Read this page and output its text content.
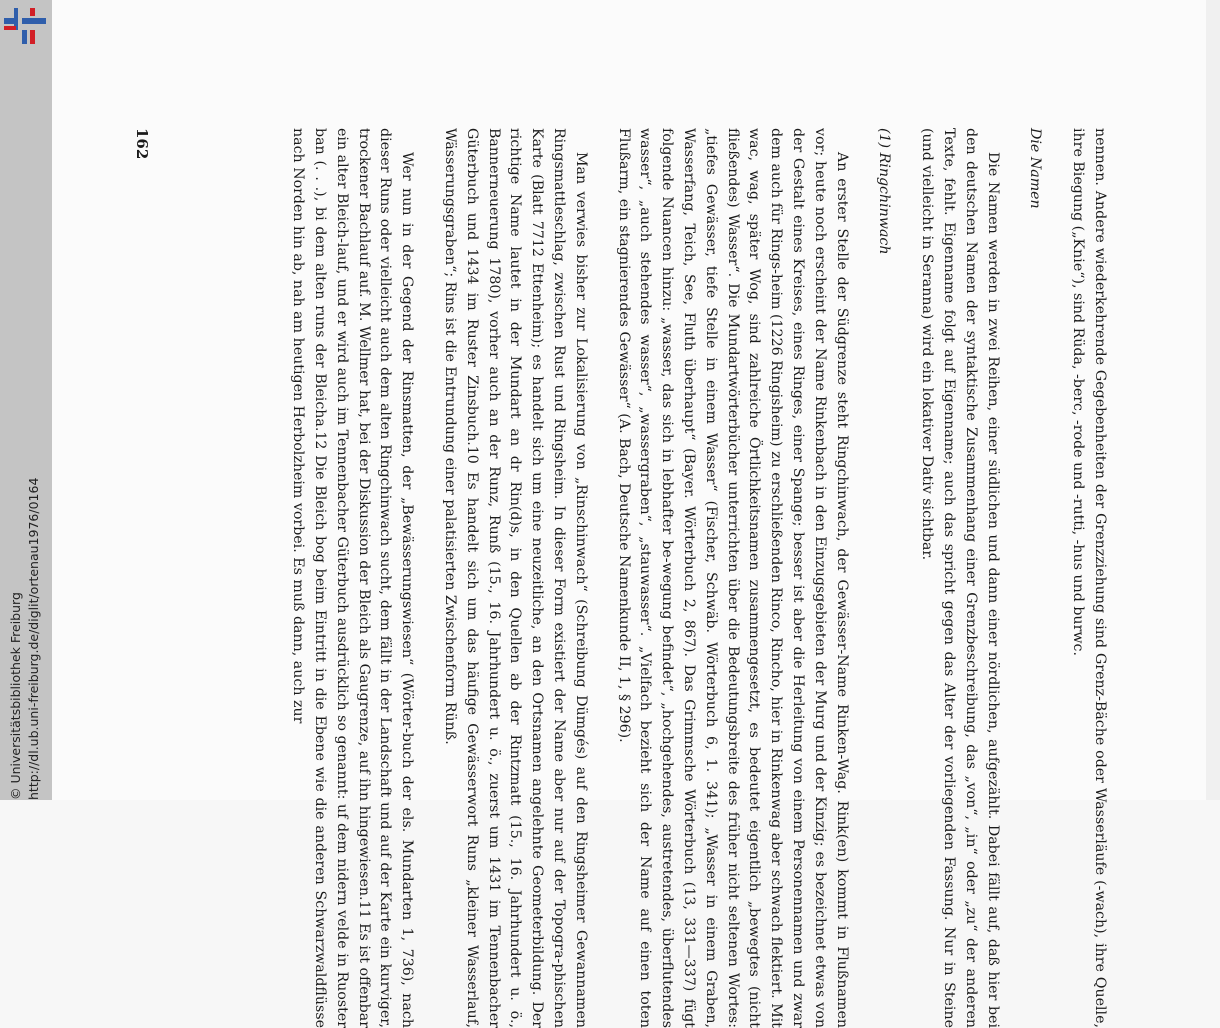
http://dl.ub.uni-freiburg.de/diglit/ortenau1976/0164
© Universitätsbibliothek Freiburg	nennen. Andere wiederkehrende Gegebenheiten der Grenzziehung sind Grenz-Bäche oder Wasserläufe (-wach), ihre Quelle, ihre Biegung („Knie“), sind Rüda, -berc, -rode und -rutti, -hus und burwc.

Die Namen

Die Namen werden in zwei Reihen, einer südlichen und dann einer nördlichen, aufgezählt. Dabei fällt auf, daß hier bei den deutschen Namen der syntaktische Zusammenhang einer Grenzbeschreibung, das „von“, „in“ oder „zu“ der anderen Texte, fehlt. Eigenname folgt auf Eigenname; auch das spricht gegen das Alter der vorliegenden Fassung. Nur in Steine (und vielleicht in Seranna) wird ein lokativer Dativ sichtbar.

(1) Ringchinwach

An erster Stelle der Südgrenze steht Ringchinwach, der Gewässer-Name Rinken-Wag. Rink(en) kommt in Flußnamen vor; heute noch erscheint der Name Rinkenbach in den Einzugsgebieten der Murg und der Kinzig; es bezeichnet etwas von der Gestalt eines Kreises, eines Ringes, einer Spange; besser ist aber die Herleitung von einem Personennamen und zwar dem auch für Rings-heim (1226 Ringisheim) zu erschließenden Rinco, Rincho, hier in Rinkenwag aber schwach flektiert. Mit wac, wag, später Wog, sind zahlreiche Örtlichkeitsnamen zusammengesetzt, es bedeutet eigentlich „bewegtes (nicht fließendes) Wasser“. Die Mundartwörterbücher unterrichten über die Bedeutungsbreite des früher nicht seltenen Wortes: „tiefes Gewässer, tiefe Stelle in einem Wasser“ (Fischer, Schwäb. Wörterbuch 6, 1. 341); „Wasser in einem Graben, Wasserfang, Teich, See, Fluth überhaupt“ (Bayer. Wörterbuch 2, 867). Das Grimmsche Wörterbuch (13, 331—337) fügt folgende Nuancen hinzu: „wasser, das sich in lebhafter be-wegung befindet“, „hochgehendes, austretendes, überflutendes wasser“, „auch stehendes wasser“, „wassergraben“, „stauwasser“. „Vielfach bezieht sich der Name auf einen toten Flußarm, ein stagnierendes Gewässer“ (A. Bach, Deutsche Namenkunde II, 1, § 296).

Man verwies bisher zur Lokalisierung von „Rinschinwach“ (Schreibung Dümgés) auf den Ringsheimer Gewannamen Ringsmattleschlag, zwischen Rust und Ringsheim. In dieser Form existiert der Name aber nur auf der Topogra-phischen Karte (Blatt 7712 Ettenheim); es handelt sich um eine neuzeitliche, an den Ortsnamen angelehnte Geometerbildung. Der richtige Name lautet in der Mundart an dr Rin(d)s, in den Quellen ab der Rintzmatt (15., 16. Jahrhundert u. ö., Bannerneuerung 1780), vorher auch an der Runz, Runß (15., 16. Jahrhundert u. ö., zuerst um 1431 im Tennenbacher Güterbuch und 1434 im Ruster Zinsbuch.10 Es handelt sich um das häufige Gewässerwort Runs „kleiner Wasserlauf, Wässerungsgraben“; Rins ist die Entrundung einer palatisierten Zwischenform Rünß.

Wer nun in der Gegend der Rinsmatten, der „Bewässerungswiesen“ (Wörter-buch der els. Mundarten 1, 736), nach dieser Runs oder vielleicht auch dem alten Ringchinwach sucht, dem fällt in der Landschaft und auf der Karte ein kurviger, trockener Bachlauf auf. M. Wellmer hat, bei der Diskussion der Bleich als Gaugrenze, auf ihn hingewiesen.11 Es ist offenbar ein alter Bleich-lauf, und er wird auch im Tennenbacher Güterbuch ausdrücklich so genannt: uf dem nidern velde in Ruoster ban (. . .), bi dem alten runs der Bleicha.12 Die Bleich bog beim Eintritt in die Ebene wie die anderen Schwarzwaldflüsse nach Norden hin ab, nah am heutigen Herbolzheim vorbei. Es muß dann, auch zur

162
